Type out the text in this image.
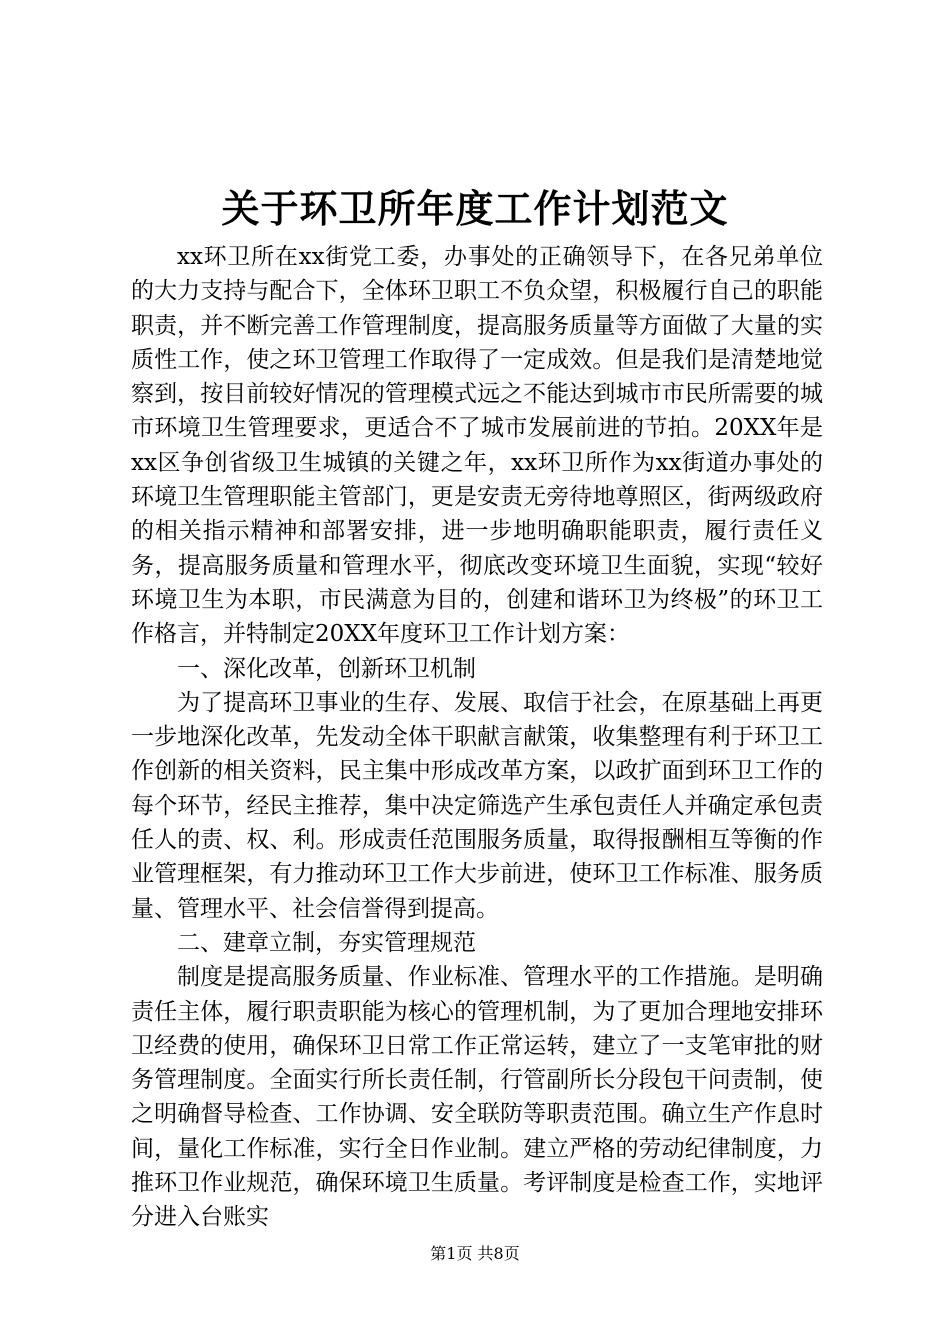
关于环卫所年度工作计划范文

xx环卫所在xx街党工委，办事处的正确领导下，在各兄弟单位的大力支持与配合下，全体环卫职工不负众望，积极履行自己的职能职责，并不断完善工作管理制度，提高服务质量等方面做了大量的实质性工作，使之环卫管理工作取得了一定成效。但是我们是清楚地觉察到，按目前较好情况的管理模式远之不能达到城市市民所需要的城市环境卫生管理要求，更适合不了城市发展前进的节拍。20XX年是xx区争创省级卫生城镇的关键之年，xx环卫所作为xx街道办事处的环境卫生管理职能主管部门，更是安责无旁待地尊照区，街两级政府的相关指示精神和部署安排，进一步地明确职能职责，履行责任义务，提高服务质量和管理水平，彻底改变环境卫生面貌，实现“较好环境卫生为本职，市民满意为目的，创建和谐环卫为终极”的环卫工作格言，并特制定20XX年度环卫工作计划方案：

一、深化改革，创新环卫机制

为了提高环卫事业的生存、发展、取信于社会，在原基础上再更一步地深化改革，先发动全体干职献言献策，收集整理有利于环卫工作创新的相关资料，民主集中形成改革方案，以政扩面到环卫工作的每个环节，经民主推荐，集中决定筛选产生承包责任人并确定承包责任人的责、权、利。形成责任范围服务质量，取得报酬相互等衡的作业管理框架，有力推动环卫工作大步前进，使环卫工作标准、服务质量、管理水平、社会信誉得到提高。

二、建章立制，夯实管理规范

制度是提高服务质量、作业标准、管理水平的工作措施。是明确责任主体，履行职责职能为核心的管理机制，为了更加合理地安排环卫经费的使用，确保环卫日常工作正常运转，建立了一支笔审批的财务管理制度。全面实行所长责任制，行管副所长分段包干问责制，使之明确督导检查、工作协调、安全联防等职责范围。确立生产作息时间，量化工作标准，实行全日作业制。建立严格的劳动纪律制度，力推环卫作业规范，确保环境卫生质量。考评制度是检查工作，实地评分进入台账实

第1页 共8页
